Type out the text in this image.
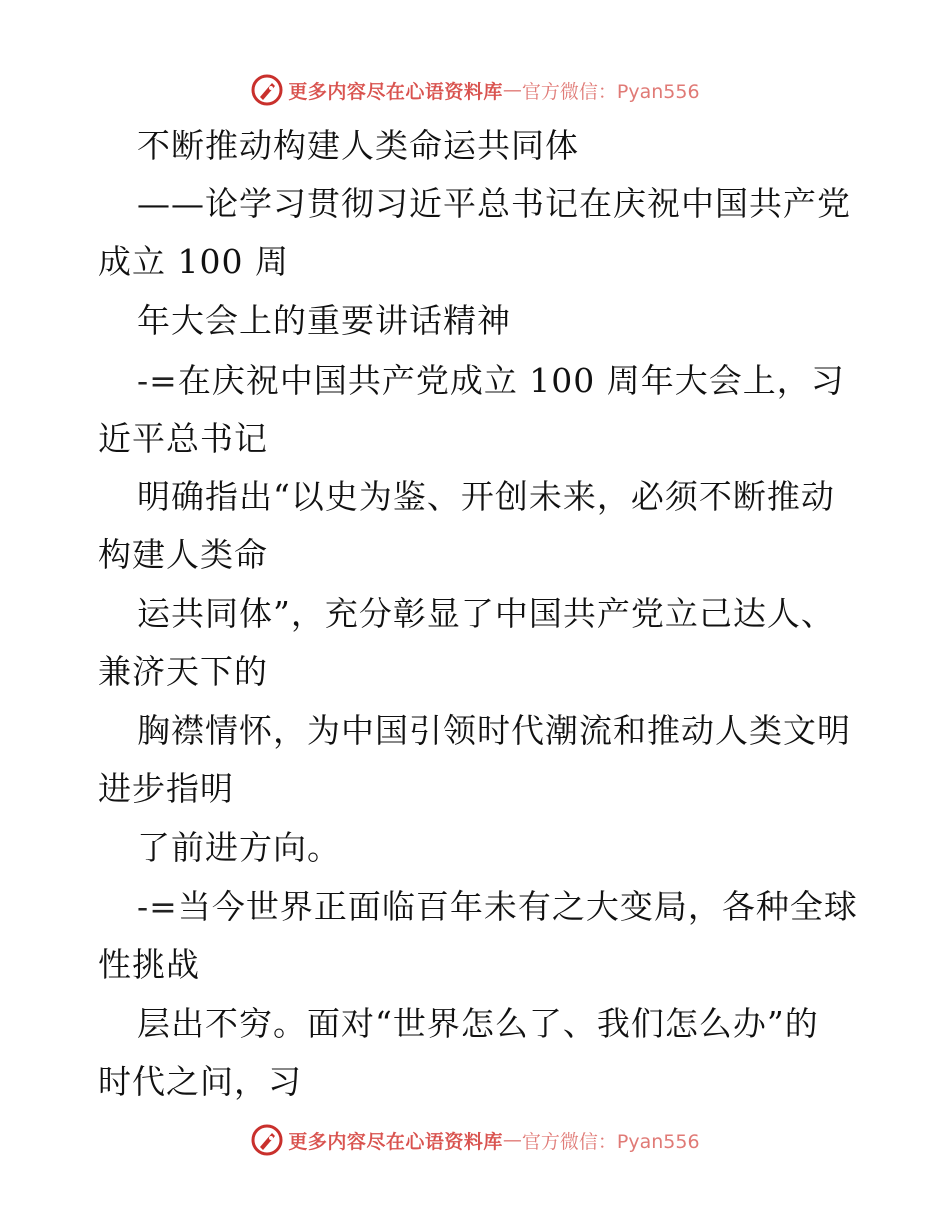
更多内容尽在心语资料库 — 官方微信：Pyan556
不断推动构建人类命运共同体
——论学习贯彻习近平总书记在庆祝中国共产党
成立 100 周
年大会上的重要讲话精神
-=在庆祝中国共产党成立 100 周年大会上，习
近平总书记
明确指出“以史为鉴、开创未来，必须不断推动
构建人类命
运共同体”，充分彰显了中国共产党立己达人、
兼济天下的
胸襟情怀，为中国引领时代潮流和推动人类文明
进步指明
了前进方向。
-=当今世界正面临百年未有之大变局，各种全球
性挑战
层出不穷。面对“世界怎么了、我们怎么办”的
时代之问，习
更多内容尽在心语资料库 — 官方微信：Pyan556
